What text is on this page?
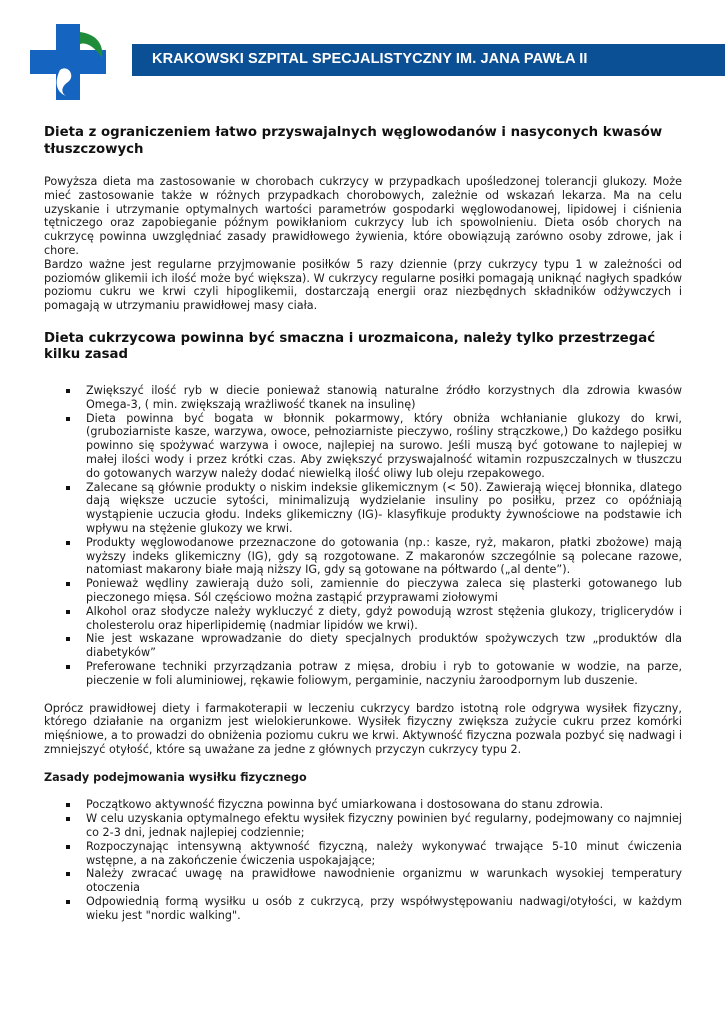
KRAKOWSKI SZPITAL SPECJALISTYCZNY IM. JANA PAWŁA II
Dieta z ograniczeniem łatwo przyswajalnych węglowodanów i nasyconych kwasów tłuszczowych

Powyższa dieta ma zastosowanie w chorobach cukrzycy w przypadkach upośledzonej tolerancji glukozy. Może mieć zastosowanie także w różnych przypadkach chorobowych, zależnie od wskazań lekarza. Ma na celu uzyskanie i utrzymanie optymalnych wartości parametrów gospodarki węglowodanowej, lipidowej i ciśnienia tętniczego oraz zapobieganie późnym powikłaniom cukrzycy lub ich spowolnieniu. Dieta osób chorych na cukrzycę powinna uwzględniać zasady prawidłowego żywienia, które obowiązują zarówno osoby zdrowe, jak i chore.

Bardzo ważne jest regularne przyjmowanie posiłków 5 razy dziennie (przy cukrzycy typu 1 w zależności od poziomów glikemii ich ilość może być większa). W cukrzycy regularne posiłki pomagają uniknąć nagłych spadków poziomu cukru we krwi czyli hipoglikemii, dostarczają energii oraz niezbędnych składników odżywczych i pomagają w utrzymaniu prawidłowej masy ciała.

Dieta cukrzycowa powinna być smaczna i urozmaicona, należy tylko przestrzegać kilku zasad
Zwiększyć ilość ryb w diecie ponieważ stanowią naturalne źródło korzystnych dla zdrowia kwasów Omega-3, ( min. zwiększają wrażliwość tkanek na insulinę)
Dieta powinna być bogata w błonnik pokarmowy, który obniża wchłanianie glukozy do krwi, (gruboziarniste kasze, warzywa, owoce, pełnoziarniste pieczywo, rośliny strączkowe,) Do każdego posiłku powinno się spożywać warzywa i owoce, najlepiej na surowo. Jeśli muszą być gotowane to najlepiej w małej ilości wody i przez krótki czas. Aby zwiększyć przyswajalność witamin rozpuszczalnych w tłuszczu do gotowanych warzyw należy dodać niewielką ilość oliwy lub oleju rzepakowego.
Zalecane są głównie produkty o niskim indeksie glikemicznym (< 50). Zawierają więcej błonnika, dlatego dają większe uczucie sytości, minimalizują wydzielanie insuliny po posiłku, przez co opóźniają wystąpienie uczucia głodu. Indeks glikemiczny (IG)- klasyfikuje produkty żywnościowe na podstawie ich wpływu na stężenie glukozy we krwi.
Produkty węglowodanowe przeznaczone do gotowania (np.: kasze, ryż, makaron, płatki zbożowe) mają wyższy indeks glikemiczny (IG), gdy są rozgotowane. Z makaronów szczególnie są polecane razowe, natomiast makarony białe mają niższy IG, gdy są gotowane na półtwardo („al dente”).
Ponieważ wędliny zawierają dużo soli, zamiennie do pieczywa zaleca się plasterki gotowanego lub pieczonego mięsa. Sól częściowo można zastąpić przyprawami ziołowymi
Alkohol oraz słodycze należy wykluczyć z diety, gdyż powodują wzrost stężenia glukozy, triglicerydów i cholesterolu oraz hiperlipidemię (nadmiar lipidów we krwi).
Nie jest wskazane wprowadzanie do diety specjalnych produktów spożywczych tzw „produktów dla diabetyków”
Preferowane techniki przyrządzania potraw z mięsa, drobiu i ryb to gotowanie w wodzie, na parze, pieczenie w foli aluminiowej, rękawie foliowym, pergaminie, naczyniu żaroodpornym lub duszenie.

Oprócz prawidłowej diety i farmakoterapii w leczeniu cukrzycy bardzo istotną role odgrywa wysiłek fizyczny, którego działanie na organizm jest wielokierunkowe. Wysiłek fizyczny zwiększa zużycie cukru przez komórki mięśniowe, a to prowadzi do obniżenia poziomu cukru we krwi. Aktywność fizyczna pozwala pozbyć się nadwagi i zmniejszyć otyłość, które są uważane za jedne z głównych przyczyn cukrzycy typu 2.

Zasady podejmowania wysiłku fizycznego
Początkowo aktywność fizyczna powinna być umiarkowana i dostosowana do stanu zdrowia.
W celu uzyskania optymalnego efektu wysiłek fizyczny powinien być regularny, podejmowany co najmniej co 2-3 dni, jednak najlepiej codziennie;
Rozpoczynając intensywną aktywność fizyczną, należy wykonywać trwające 5-10 minut ćwiczenia wstępne, a na zakończenie ćwiczenia uspokajające;
Należy zwracać uwagę na prawidłowe nawodnienie organizmu w warunkach wysokiej temperatury otoczenia
Odpowiednią formą wysiłku u osób z cukrzycą, przy współwystępowaniu nadwagi/otyłości, w każdym wieku jest "nordic walking".
